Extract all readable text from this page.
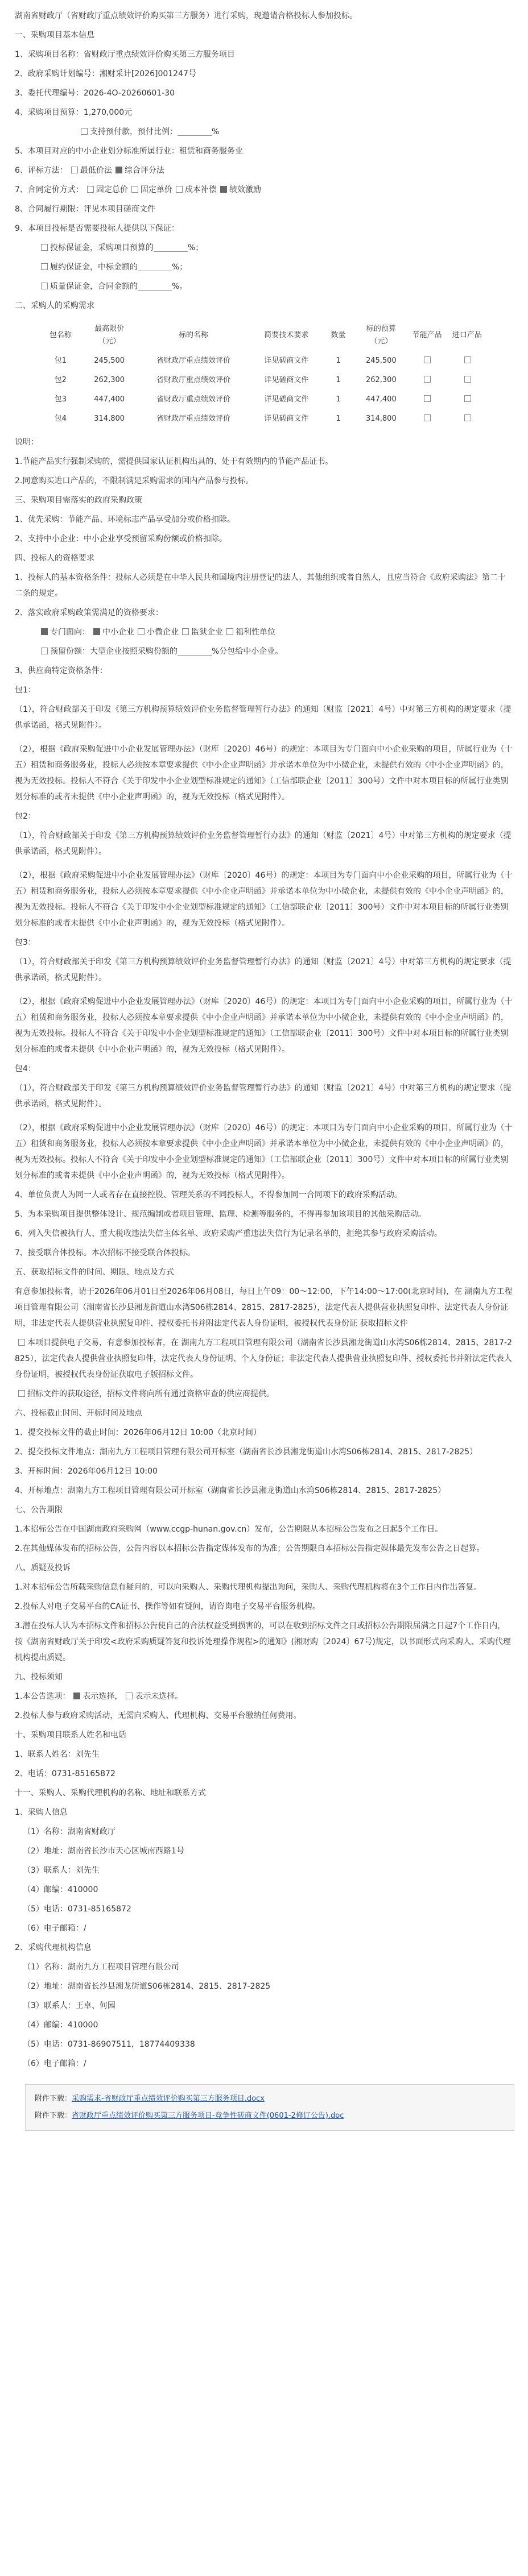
湖南省财政厅（省财政厅重点绩效评价购买第三方服务）进行采购，现邀请合格投标人参加投标。
一、采购项目基本信息
1、采购项目名称：省财政厅重点绩效评价购买第三方服务项目
2、政府采购计划编号：湘财采计[2026]001247号
3、委托代理编号：2026-4O-20260601-30
4、采购项目预算：1,270,000元
支持预付款，预付比例：	%
5、本项目对应的中小企业划分标准所属行业：租赁和商务服务业
6、评标方法： 最低价法 综合评分法
7、合同定价方式： 固定总价 固定单价 成本补偿 绩效激励
8、合同履行期限：评见本项目磋商文件
9、本项目投标是否需要投标人提供以下保证：
投标保证金，采购项目预算的	%；
履约保证金，中标金额的	%；
质量保证金，合同金额的	%。
二、采购人的采购需求
包名称	最高限价（元）	标的名称	简要技术要求	数量	标的预算（元）	节能产品	进口产品
包1	245,500	省财政厅重点绩效评价	详见磋商文件	1	245,500		
包2	262,300	省财政厅重点绩效评价	详见磋商文件	1	262,300		
包3	447,400	省财政厅重点绩效评价	详见磋商文件	1	447,400		
包4	314,800	省财政厅重点绩效评价	详见磋商文件	1	314,800		
说明：
1.节能产品实行强制采购的，需提供国家认证机构出具的、处于有效期内的节能产品证书。
2.同意购买进口产品的，不限制满足采购需求的国内产品参与投标。
三、采购项目需落实的政府采购政策
1、优先采购：节能产品、环境标志产品享受加分或价格扣除。
2、支持中小企业：中小企业享受预留采购份额或价格扣除。
四、投标人的资格要求
1、投标人的基本资格条件：投标人必须是在中华人民共和国境内注册登记的法人、其他组织或者自然人，且应当符合《政府采购法》第二十二条的规定。
2、落实政府采购政策需满足的资格要求：
专门面向： 中小企业 小微企业 监狱企业 福利性单位
预留份额：大型企业按照采购份额的	%分包给中小企业。
3、供应商特定资格条件：
包1：
（1），符合财政部关于印发《第三方机构预算绩效评价业务监督管理暂行办法》的通知（财监〔2021〕4号）中对第三方机构的规定要求（提供承诺函，格式见附件）。
（2），根据《政府采购促进中小企业发展管理办法》（财库〔2020〕46号）的规定：本项目为专门面向中小企业采购的项目，所属行业为（十五）租赁和商务服务业，投标人必须按本章要求提供《中小企业声明函》并承诺本单位为中小微企业，未提供有效的《中小企业声明函》的，视为无效投标。投标人不符合《关于印发中小企业划型标准规定的通知》（工信部联企业〔2011〕300号）文件中对本项目标的所属行业类别划分标准的或者未提供《中小企业声明函》的，视为无效投标（格式见附件）。
包2：
（1），符合财政部关于印发《第三方机构预算绩效评价业务监督管理暂行办法》的通知（财监〔2021〕4号）中对第三方机构的规定要求（提供承诺函，格式见附件）。
（2），根据《政府采购促进中小企业发展管理办法》（财库〔2020〕46号）的规定：本项目为专门面向中小企业采购的项目，所属行业为（十五）租赁和商务服务业，投标人必须按本章要求提供《中小企业声明函》并承诺本单位为中小微企业，未提供有效的《中小企业声明函》的，视为无效投标。投标人不符合《关于印发中小企业划型标准规定的通知》（工信部联企业〔2011〕300号）文件中对本项目标的所属行业类别划分标准的或者未提供《中小企业声明函》的，视为无效投标（格式见附件）。
包3：
（1），符合财政部关于印发《第三方机构预算绩效评价业务监督管理暂行办法》的通知（财监〔2021〕4号）中对第三方机构的规定要求（提供承诺函，格式见附件）。
（2），根据《政府采购促进中小企业发展管理办法》（财库〔2020〕46号）的规定：本项目为专门面向中小企业采购的项目，所属行业为（十五）租赁和商务服务业，投标人必须按本章要求提供《中小企业声明函》并承诺本单位为中小微企业，未提供有效的《中小企业声明函》的，视为无效投标。投标人不符合《关于印发中小企业划型标准规定的通知》（工信部联企业〔2011〕300号）文件中对本项目标的所属行业类别划分标准的或者未提供《中小企业声明函》的，视为无效投标（格式见附件）。
包4：
（1），符合财政部关于印发《第三方机构预算绩效评价业务监督管理暂行办法》的通知（财监〔2021〕4号）中对第三方机构的规定要求（提供承诺函，格式见附件）。
（2），根据《政府采购促进中小企业发展管理办法》（财库〔2020〕46号）的规定：本项目为专门面向中小企业采购的项目，所属行业为（十五）租赁和商务服务业，投标人必须按本章要求提供《中小企业声明函》并承诺本单位为中小微企业，未提供有效的《中小企业声明函》的，视为无效投标。投标人不符合《关于印发中小企业划型标准规定的通知》（工信部联企业〔2011〕300号）文件中对本项目标的所属行业类别划分标准的或者未提供《中小企业声明函》的，视为无效投标（格式见附件）。
4、单位负责人为同一人或者存在直接控股、管理关系的不同投标人，不得参加同一合同项下的政府采购活动。
5、为本采购项目提供整体设计、规范编制或者项目管理、监理、检测等服务的，不得再参加该项目的其他采购活动。
6、列入失信被执行人、重大税收违法失信主体名单、政府采购严重违法失信行为记录名单的，拒绝其参与政府采购活动。
7、接受联合体投标。本次招标不接受联合体投标。
五、获取招标文件的时间、期限、地点及方式
有意参加投标者，请于2026年06月01日至2026年06月08日，每日上午09：00～12:00，下午14:00～17:00(北京时间)，在 湖南九方工程项目管理有限公司（湖南省长沙县湘龙街道山水湾S06栋2814、2815、2817-2825），法定代表人提供营业执照复印件、法定代表人身份证明，非法定代表人提供营业执照复印件、授权委托书并附法定代表人身份证明，被授权代表身份证 获取招标文件
本项目提供电子交易，有意参加投标者，在 湖南九方工程项目管理有限公司（湖南省长沙县湘龙街道山水湾S06栋2814、2815、2817-2825），法定代表人提供营业执照复印件，法定代表人身份证明、个人身份证；非法定代表人提供营业执照复印件、授权委托书并附法定代表人身份证明，被授权代表身份证获取电子版招标文件。
招标文件的获取途径，招标文件将向所有通过资格审查的供应商提供。
六、投标截止时间、开标时间及地点
1、提交投标文件的截止时间：2026年06月12日 10:00（北京时间）
2、提交投标文件地点：湖南九方工程项目管理有限公司开标室（湖南省长沙县湘龙街道山水湾S06栋2814、2815、2817-2825）
3、开标时间：2026年06月12日 10:00
4、开标地点：湖南九方工程项目管理有限公司开标室（湖南省长沙县湘龙街道山水湾S06栋2814、2815、2817-2825）
七、公告期限
1.本招标公告在中国湖南政府采购网（www.ccgp-hunan.gov.cn）发布，公告期限从本招标公告发布之日起5个工作日。
2.在其他媒体发布的招标公告，公告内容以本招标公告指定媒体发布的为准；公告期限自本招标公告指定媒体最先发布公告之日起算。
八、质疑及投诉
1.对本招标公告所载采购信息有疑问的，可以向采购人、采购代理机构提出询问，采购人、采购代理机构将在3个工作日内作出答复。
2.投标人对电子交易平台的CA证书、操作等如有疑问，请咨询电子交易平台服务机构。
3.潜在投标人认为本招标文件和招标公告使自己的合法权益受到损害的，可以在收到招标文件之日或招标公告期限届满之日起7个工作日内，按《湖南省财政厅关于印发<政府采购质疑答复和投诉处理操作规程>的通知》(湘财购〔2024〕67号)规定，以书面形式向采购人、采购代理机构提出质疑。
九、投标须知
1.本公告选项： 表示选择， 表示未选择。
2.投标人参与政府采购活动，无需向采购人、代理机构、交易平台缴纳任何费用。
十、采购项目联系人姓名和电话
1、联系人姓名：刘先生
2、电话：0731-85165872
十一、采购人、采购代理机构的名称、地址和联系方式
1、采购人信息
（1）名称：湖南省财政厅
（2）地址：湖南省长沙市天心区城南西路1号
（3）联系人：刘先生
（4）邮编：410000
（5）电话：0731-85165872
（6）电子邮箱：/
2、采购代理机构信息
（1）名称：湖南九方工程项目管理有限公司
（2）地址：湖南省长沙县湘龙街道S06栋2814、2815、2817-2825
（3）联系人：王卓、何园
（4）邮编：410000
（5）电话：0731-86907511，18774409338
（6）电子邮箱：/
附件下载：采购需求-省财政厅重点绩效评价购买第三方服务项目.docx
附件下载：省财政厅重点绩效评价购买第三方服务项目-竞争性磋商文件(0601-2修订公告).doc
